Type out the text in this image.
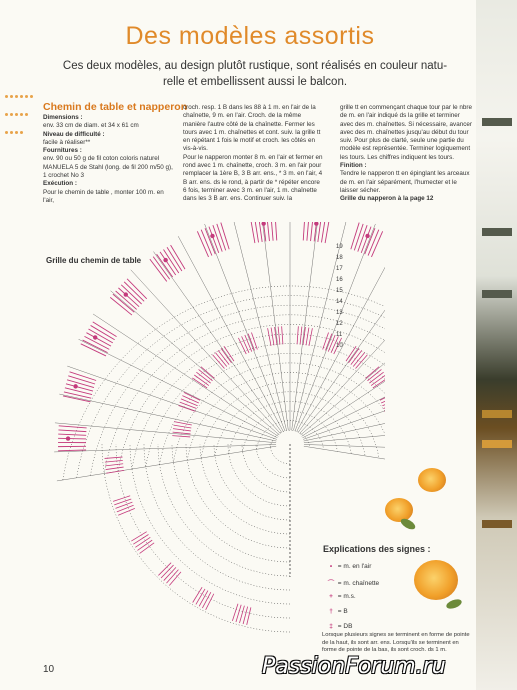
Des modèles assortis
Ces deux modèles, au design plutôt rustique, sont réalisés en couleur natu-
relle et embellissent aussi le balcon.

Chemin de table et napperon
Dimensions :
env. 33 cm de diam. et 34 x 61 cm
Niveau de difficulté :
facile à réaliser**
Fournitures :
env. 90 ou 50 g de fil coton coloris naturel MANUELA 5 de Stahl (long. de fil 200 m/50 g), 1 crochet No 3
Exécution :
Pour le chemin de table , monter 100 m. en l'air,
croch. resp. 1 B dans les 88 à 1 m. en l'air de la chaînette, 9 m. en l'air. Croch. de la même manière l'autre côté de la chaînette. Fermer les tours avec 1 m. chaînettes et cont. suiv. la grille tt en répétant 1 fois le motif et croch. les côtés en vis-à-vis.
Pour le napperon monter 8 m. en l'air et fermer en rond avec 1 m. chaînette, croch. 3 m. en l'air pour remplacer la 1ère B, 3 B arr. ens., * 3 m. en l'air, 4 B arr. ens. ds le rond, à partir de * répéter encore 6 fois, terminer avec 3 m. en l'air, 1 m. chaînette dans les 3 B arr. ens. Continuer suiv. la
grille tt en commençant chaque tour par le nbre de m. en l'air indiqué ds la grille et terminer avec des m. chaînettes. Si nécessaire, avancer avec des m. chaînettes jusqu'au début du tour suiv. Pour plus de clarté, seule une partie du modèle est représentée. Terminer logiquement les tours. Les chiffres indiquent les tours.
Finition :
Tendre le napperon tt en épinglant les arceaux de m. en l'air séparément, l'humecter et le laisser sécher.
Grille du napperon à la page 12
Grille du chemin de table
19
18
17
16
15
14
13
12
11
10
Explications des signes :
• = m. en l'air
⌒ = m. chaînette
+ = m.s.
† = B
‡ = DB
Lorsque plusieurs signes se terminent en forme de pointe de la haut, ils sont arr. ens. Lorsqu'ils se terminent en forme de pointe de la bas, ils sont croch. ds 1 m.
10	PassionForum.ru
